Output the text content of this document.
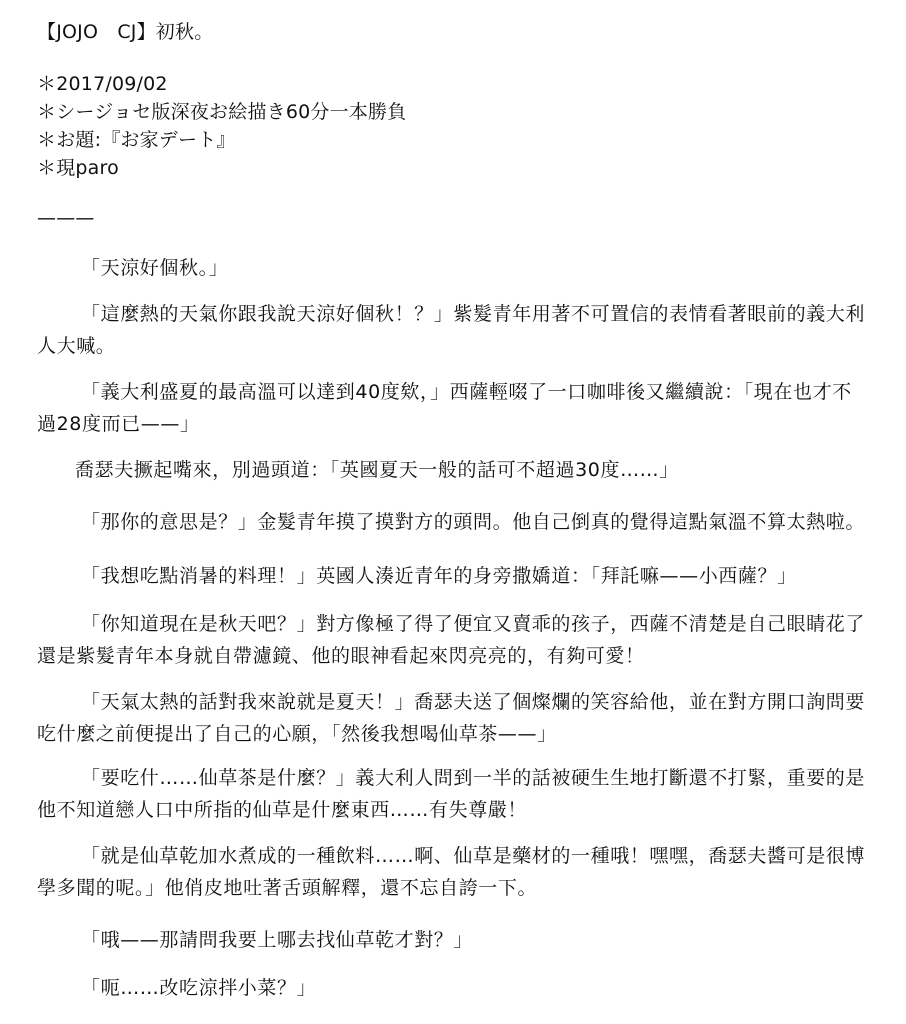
【JOJO　CJ】初秋。
＊2017/09/02
＊シージョセ版深夜お絵描き60分一本勝負
＊お題:『お家デート』
＊現paro
———
「天涼好個秋。」
「這麼熱的天氣你跟我說天涼好個秋！？」紫髮青年用著不可置信的表情看著眼前的義大利人大喊。
「義大利盛夏的最高溫可以達到40度欸，」西薩輕啜了一口咖啡後又繼續說：「現在也才不過28度而已——」
喬瑟夫撅起嘴來，別過頭道：「英國夏天一般的話可不超過30度……」
「那你的意思是？」金髮青年摸了摸對方的頭問。他自己倒真的覺得這點氣溫不算太熱啦。
「我想吃點消暑的料理！」英國人湊近青年的身旁撒嬌道：「拜託嘛——小西薩？」
「你知道現在是秋天吧？」對方像極了得了便宜又賣乖的孩子，西薩不清楚是自己眼睛花了還是紫髮青年本身就自帶濾鏡、他的眼神看起來閃亮亮的，有夠可愛！
「天氣太熱的話對我來說就是夏天！」喬瑟夫送了個燦爛的笑容給他，並在對方開口詢問要吃什麼之前便提出了自己的心願，「然後我想喝仙草茶——」
「要吃什……仙草茶是什麼？」義大利人問到一半的話被硬生生地打斷還不打緊，重要的是他不知道戀人口中所指的仙草是什麼東西……有失尊嚴！
「就是仙草乾加水煮成的一種飲料……啊、仙草是藥材的一種哦！嘿嘿，喬瑟夫醬可是很博學多聞的呢。」他俏皮地吐著舌頭解釋，還不忘自誇一下。
「哦——那請問我要上哪去找仙草乾才對？」
「呃……改吃涼拌小菜？」
